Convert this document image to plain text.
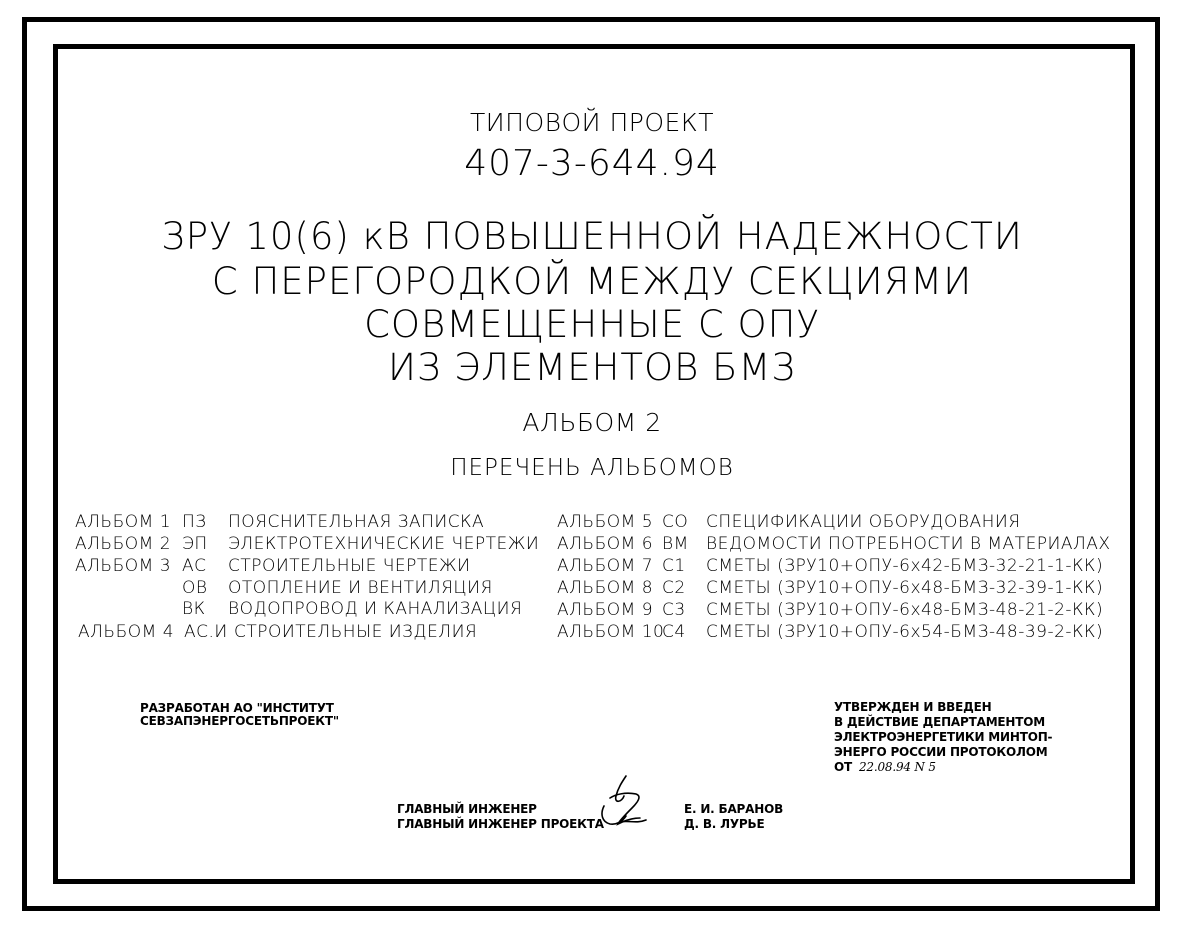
ТИПОВОЙ ПРОЕКТ
407-3-644.94
ЗРУ 10(6) кВ ПОВЫШЕННОЙ НАДЕЖНОСТИ
С ПЕРЕГОРОДКОЙ МЕЖДУ СЕКЦИЯМИ
СОВМЕЩЕННЫЕ С ОПУ
ИЗ ЭЛЕМЕНТОВ БМЗ
АЛЬБОМ 2
ПЕРЕЧЕНЬ АЛЬБОМОВ
АЛЬБОМ 1 ПЗ ПОЯСНИТЕЛЬНАЯ ЗАПИСКА
АЛЬБОМ 2 ЭП ЭЛЕКТРОТЕХНИЧЕСКИЕ ЧЕРТЕЖИ
АЛЬБОМ 3 АС СТРОИТЕЛЬНЫЕ ЧЕРТЕЖИ
ОВ ОТОПЛЕНИЕ И ВЕНТИЛЯЦИЯ
ВК ВОДОПРОВОД И КАНАЛИЗАЦИЯ
АЛЬБОМ 4 АС.И СТРОИТЕЛЬНЫЕ ИЗДЕЛИЯ
АЛЬБОМ 5 СО СПЕЦИФИКАЦИИ ОБОРУДОВАНИЯ
АЛЬБОМ 6 ВМ ВЕДОМОСТИ ПОТРЕБНОСТИ В МАТЕРИАЛАХ
АЛЬБОМ 7 С1 СМЕТЫ (ЗРУ10+ОПУ-6х42-БМЗ-32-21-1-КК)
АЛЬБОМ 8 С2 СМЕТЫ (ЗРУ10+ОПУ-6х48-БМЗ-32-39-1-КК)
АЛЬБОМ 9 С3 СМЕТЫ (ЗРУ10+ОПУ-6х48-БМЗ-48-21-2-КК)
АЛЬБОМ 10
С4 СМЕТЫ (ЗРУ10+ОПУ-6х54-БМЗ-48-39-2-КК)
РАЗРАБОТАН АО "ИНСТИТУТ
СЕВЗАПЭНЕРГОСЕТЬПРОЕКТ"
УТВЕРЖДЕН И ВВЕДЕН
В ДЕЙСТВИЕ ДЕПАРТАМЕНТОМ
ЭЛЕКТРОЭНЕРГЕТИКИ МИНТОП-
ЭНЕРГО РОССИИ ПРОТОКОЛОМ
ОТ 22.08.94 N 5
ГЛАВНЫЙ ИНЖЕНЕР
ГЛАВНЫЙ ИНЖЕНЕР ПРОЕКТА
Е. И. БАРАНОВ
Д. В. ЛУРЬЕ
